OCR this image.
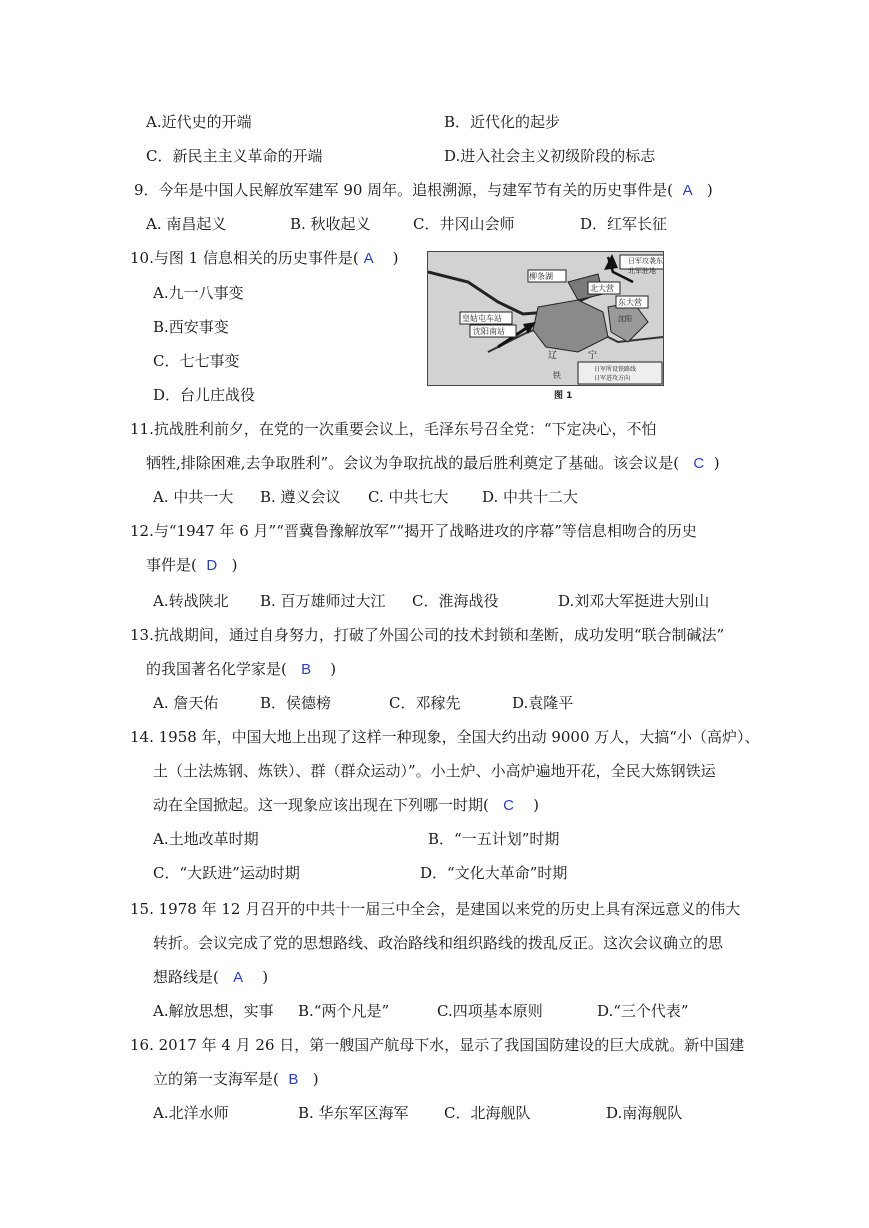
A.近代史的开端	B．近代化的起步
C．新民主主义革命的开端	D.进入社会主义初级阶段的标志
9．今年是中国人民解放军建军 90 周年。追根溯源，与建军节有关的历史事件是( A )
A. 南昌起义	B. 秋收起义	C．井冈山会师	D．红军长征
10.与图 1 信息相关的历史事件是( A )
A.九一八事变
B.西安事变
C．七七事变
D．台儿庄战役
日军攻袭东北军驻地
柳条湖
北大营
东大营
皇姑屯车站
沈阳南站
沈阳
辽	宁
铁
日军所设铁路线
日军进攻方向
图 1
11.抗战胜利前夕，在党的一次重要会议上，毛泽东号召全党：“下定决心，不怕
牺牲,排除困难,去争取胜利”。会议为争取抗战的最后胜利奠定了基础。该会议是( C )
A. 中共一大 B. 遵义会议 C. 中共七大 D. 中共十二大
12.与“1947 年 6 月”“晋冀鲁豫解放军”“揭开了战略进攻的序幕”等信息相吻合的历史
事件是( D )
A.转战陕北 B. 百万雄师过大江 C．淮海战役	D.刘邓大军挺进大别山
13.抗战期间，通过自身努力，打破了外国公司的技术封锁和垄断，成功发明“联合制碱法”
的我国著名化学家是( B )
A. 詹天佑	B．侯德榜	C．邓稼先	D.袁隆平
14. 1958 年，中国大地上出现了这样一种现象，全国大约出动 9000 万人，大搞“小（高炉）、
土（土法炼钢、炼铁）、群（群众运动）”。小土炉、小高炉遍地开花，全民大炼钢铁运
动在全国掀起。这一现象应该出现在下列哪一时期( C )
A.土地改革时期	B．“一五计划”时期
C．“大跃进”运动时期	D．“文化大革命”时期
15. 1978 年 12 月召开的中共十一届三中全会，是建国以来党的历史上具有深远意义的伟大
转折。会议完成了党的思想路线、政治路线和组织路线的拨乱反正。这次会议确立的思
想路线是( A )
A.解放思想，实事 B.“两个凡是”	C.四项基本原则	D.“三个代表”
16. 2017 年 4 月 26 日，第一艘国产航母下水，显示了我国国防建设的巨大成就。新中国建
立的第一支海军是( B )
A.北洋水师	B. 华东军区海军 C．北海舰队	D.南海舰队
